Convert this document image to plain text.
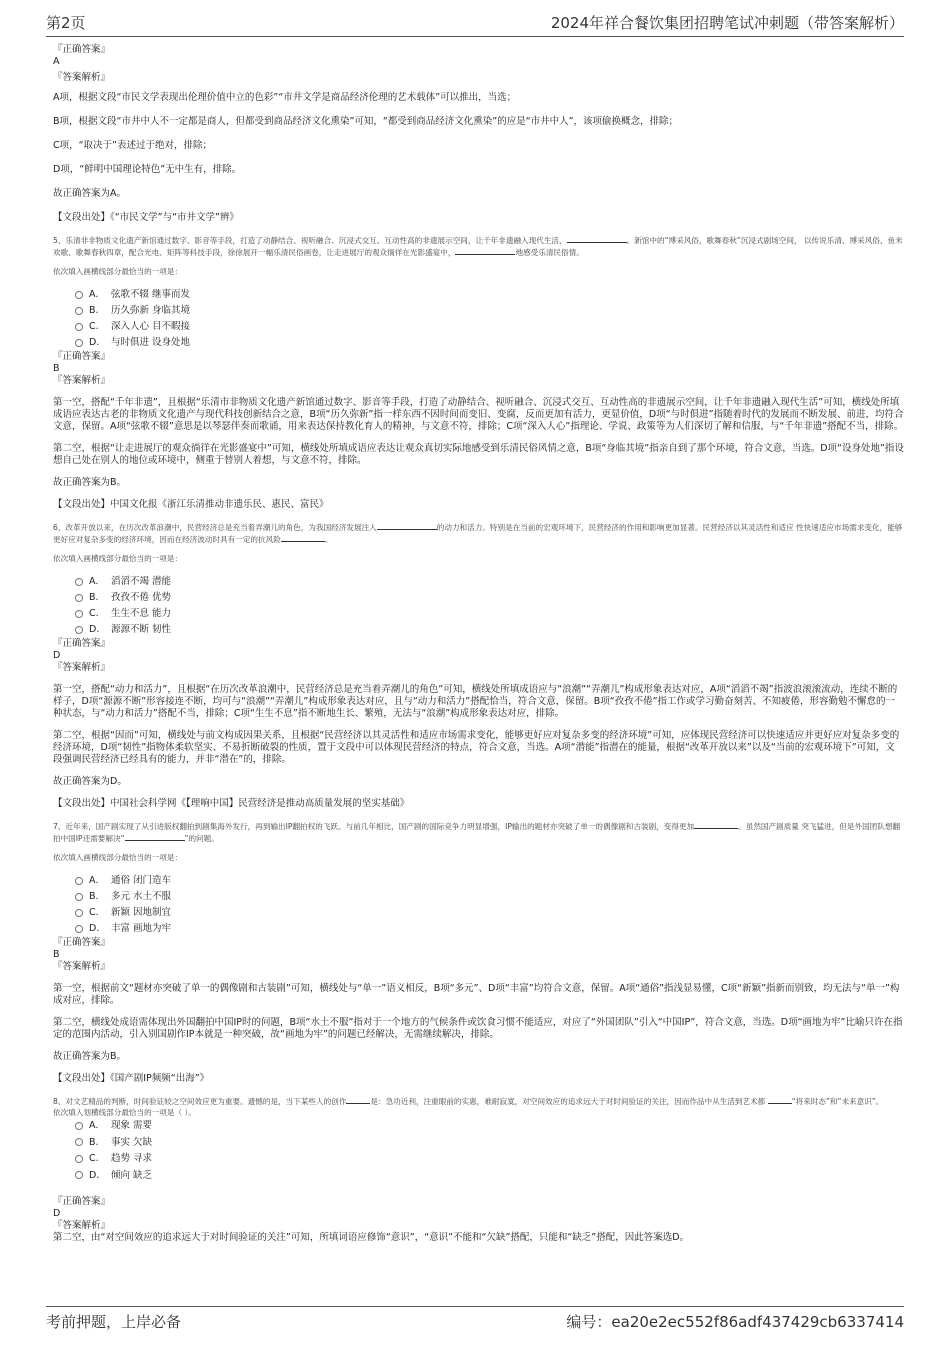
第2页	2024年祥合餐饮集团招聘笔试冲刺题（带答案解析）

『正确答案』

A

『答案解析』

A项，根据文段“市民文学表现出伦理价值中立的色彩”“市井文学是商品经济伦理的艺术载体”可以推出，当选；

B项，根据文段“市井中人不一定都是商人，但都受到商品经济文化熏染”可知，“都受到商品经济文化熏染”的应是“市井中人”，该项偷换概念，排除；

C项，“取决于”表述过于绝对，排除；

D项，“鲜明中国理论特色”无中生有，排除。

故正确答案为A。

【文段出处】《“市民文学”与“市井文学”辨》

5、乐清非非物质文化遗产新馆通过数字、影音等手段，打造了动静结合、视听融合、沉浸式交互、互动性高的非遗展示空间，让千年非遗融入现代生活，	。新馆中的“博采风俗，歌舞春秋”沉浸式剧场空间， 以传说乐清、博采风俗、鱼米欢歌、歌舞春秋四章，配合光电、矩阵等科技手段，徐徐展开一幅乐清民俗画卷，让走进展厅的观众徜徉在光影盛宴中，	地感受乐清民俗情。

依次填入画横线部分最恰当的一项是：

A. 弦歌不辍 继事而发

B. 历久弥新 身临其境

C. 深入人心 目不暇接

D. 与时俱进 设身处地

『正确答案』

B

『答案解析』

第一空，搭配“千年非遗”，且根据“乐清市非物质文化遗产新馆通过数字、影音等手段，打造了动静结合、视听融合、沉浸式交互、互动性高的非遗展示空间，让千年非遗融入现代生活”可知，横线处所填成语应表达古老的非物质文化遗产与现代科技创新结合之意，B项“历久弥新”指一样东西不因时间而变旧、变腐，反而更加有活力，更显价值，D项“与时俱进”指随着时代的发展而不断发展、前进，均符合文意，保留。A项“弦歌不辍”意思是以琴瑟伴奏而歌诵，用来表达保持教化育人的精神，与文意不符，排除；C项“深入人心”指理论、学说、政策等为人们深切了解和信服，与“千年非遗”搭配不当，排除。

第二空，根据“让走进展厅的观众徜徉在光影盛宴中”可知，横线处所填成语应表达让观众真切实际地感受到乐清民俗风情之意，B项“身临其境”指亲自到了那个环境，符合文意，当选。D项“设身处地”指设想自己处在别人的地位或环境中，侧重于替别人着想，与文意不符，排除。

故正确答案为B。

【文段出处】中国文化报《浙江乐清推动非遗乐民、惠民、富民》

6、改革开放以来，在历次改革浪潮中，民营经济总是充当着弄潮儿的角色，为我国经济发展注入	的动力和活力。特别是在当前的宏观环境下，民营经济的作用和影响更加显著。民营经济以其灵活性和适应 性快速适应市场需求变化，能够更好应对复杂多变的经济环境，因而在经济波动时具有一定的抗风险	。

依次填入画横线部分最恰当的一项是：

A. 滔滔不竭 潜能

B. 孜孜不倦 优势

C. 生生不息 能力

D. 源源不断 韧性

『正确答案』

D

『答案解析』

第一空，搭配“动力和活力”，且根据“在历次改革浪潮中，民营经济总是充当着弄潮儿的角色”可知，横线处所填成语应与“浪潮”“弄潮儿”构成形象表达对应，A项“滔滔不竭”指波浪滚滚流动，连续不断的样子，D项“源源不断”形容接连不断，均可与“浪潮”“弄潮儿”构成形象表达对应，且与“动力和活力”搭配恰当，符合文意，保留。B项“孜孜不倦”指工作或学习勤奋刻苦、不知疲倦，形容勤勉不懈怠的一种状态，与“动力和活力”搭配不当，排除；C项“生生不息”指不断地生长、繁殖，无法与“浪潮”构成形象表达对应，排除。

第二空，根据“因而”可知，横线处与前文构成因果关系，且根据“民营经济以其灵活性和适应市场需求变化，能够更好应对复杂多变的经济环境”可知，应体现民营经济可以快速适应并更好应对复杂多变的经济环境，D项“韧性”指物体柔软坚实、不易折断破裂的性质，置于文段中可以体现民营经济的特点，符合文意，当选。A项“潜能”指潜在的能量，根据“改革开放以来”以及“当前的宏观环境下”可知，文段强调民营经济已经具有的能力，并非“潜在”的，排除。

故正确答案为D。

【文段出处】中国社会科学网《【理响中国】民营经济是推动高质量发展的坚实基础》

7、近年来，国产剧实现了从引进版权翻拍到剧集海外发行，再到输出IP翻拍权的飞跃。与前几年相比，国产剧的国际竞争力明显增强，IP输出的题材亦突破了单一的偶像剧和古装剧，变得更加	。虽然国产剧质量 突飞猛进，但是外国团队想翻拍中国IP还需要解决“	”的问题。

依次填入画横线部分最恰当的一项是：

A. 通俗 闭门造车

B. 多元 水土不服

C. 新颖 因地制宜

D. 丰富 画地为牢

『正确答案』

B

『答案解析』

第一空，根据前文“题材亦突破了单一的偶像剧和古装剧”可知，横线处与“单一”语义相反，B项“多元”、D项“丰富”均符合文意，保留。A项“通俗”指浅显易懂，C项“新颖”指新而别致，均无法与“单一”构成对应，排除。

第二空，横线处成语需体现出外国翻拍中国IP时的问题，B项“水土不服”指对于一个地方的气候条件或饮食习惯不能适应，对应了“外国团队”引入“中国IP”，符合文意，当选。D项“画地为牢”比喻只许在指定的范围内活动，引入别国剧作IP本就是一种突破，故“画地为牢”的问题已经解决，无需继续解决，排除。

故正确答案为B。

【文段出处】《国产剧IP频频“出海”》

8、对文艺精品的判断，时间验证较之空间效应更为重要。遗憾的是，当下某些人的创作	是：急功近利，注重眼前的实惠，难耐寂寞，对空间效应的追求远大于对时间验证的关注，因而作品中从生活到艺术都	“将来时态”和“未来意识”。

依次填入划横线部分最恰当的一项是（ ）。

A. 现象 需要

B. 事实 欠缺

C. 趋势 寻求

D. 倾向 缺乏

『正确答案』

D

『答案解析』

第二空，由“对空间效应的追求远大于对时间验证的关注”可知，所填词语应修饰“意识”，“意识”不能和“欠缺”搭配，只能和“缺乏”搭配，因此答案选D。

考前押题，上岸必备	编号：ea20e2ec552f86adf437429cb6337414
